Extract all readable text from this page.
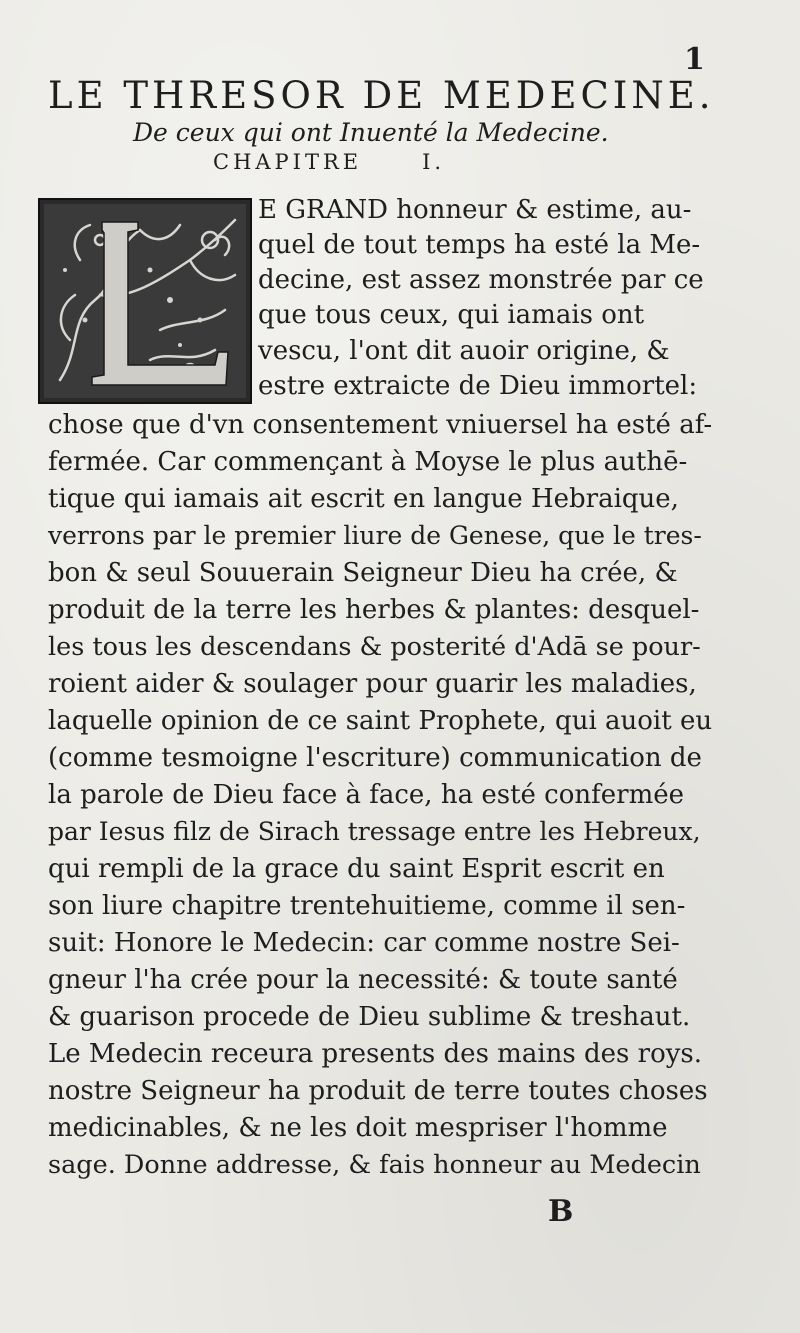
1
LE THRESOR DE MEDECINE.
De ceux qui ont Inuenté la Medecine.
CHAPITRE	I.
E GRAND honneur & estime, au-
quel de tout temps ha esté la Me-
decine, est assez monstrée par ce
que tous ceux, qui iamais ont
vescu, l'ont dit auoir origine, &
estre extraicte de Dieu immortel:
chose que d'vn consentement vniuersel ha esté af-
fermée. Car commençant à Moyse le plus authē-
tique qui iamais ait escrit en langue Hebraique,
verrons par le premier liure de Genese, que le tres-
bon & seul Souuerain Seigneur Dieu ha crée, &
produit de la terre les herbes & plantes: desquel-
les tous les descendans & posterité d'Adā se pour-
roient aider & soulager pour guarir les maladies,
laquelle opinion de ce saint Prophete, qui auoit eu
(comme tesmoigne l'escriture) communication de
la parole de Dieu face à face, ha esté confermée
par Iesus filz de Sirach tressage entre les Hebreux,
qui rempli de la grace du saint Esprit escrit en
son liure chapitre trentehuitieme, comme il sen-
suit: Honore le Medecin: car comme nostre Sei-
gneur l'ha crée pour la necessité: & toute santé
& guarison procede de Dieu sublime & treshaut.
Le Medecin receura presents des mains des roys.
nostre Seigneur ha produit de terre toutes choses
medicinables, & ne les doit mespriser l'homme
sage. Donne addresse, & fais honneur au Medecin
B
